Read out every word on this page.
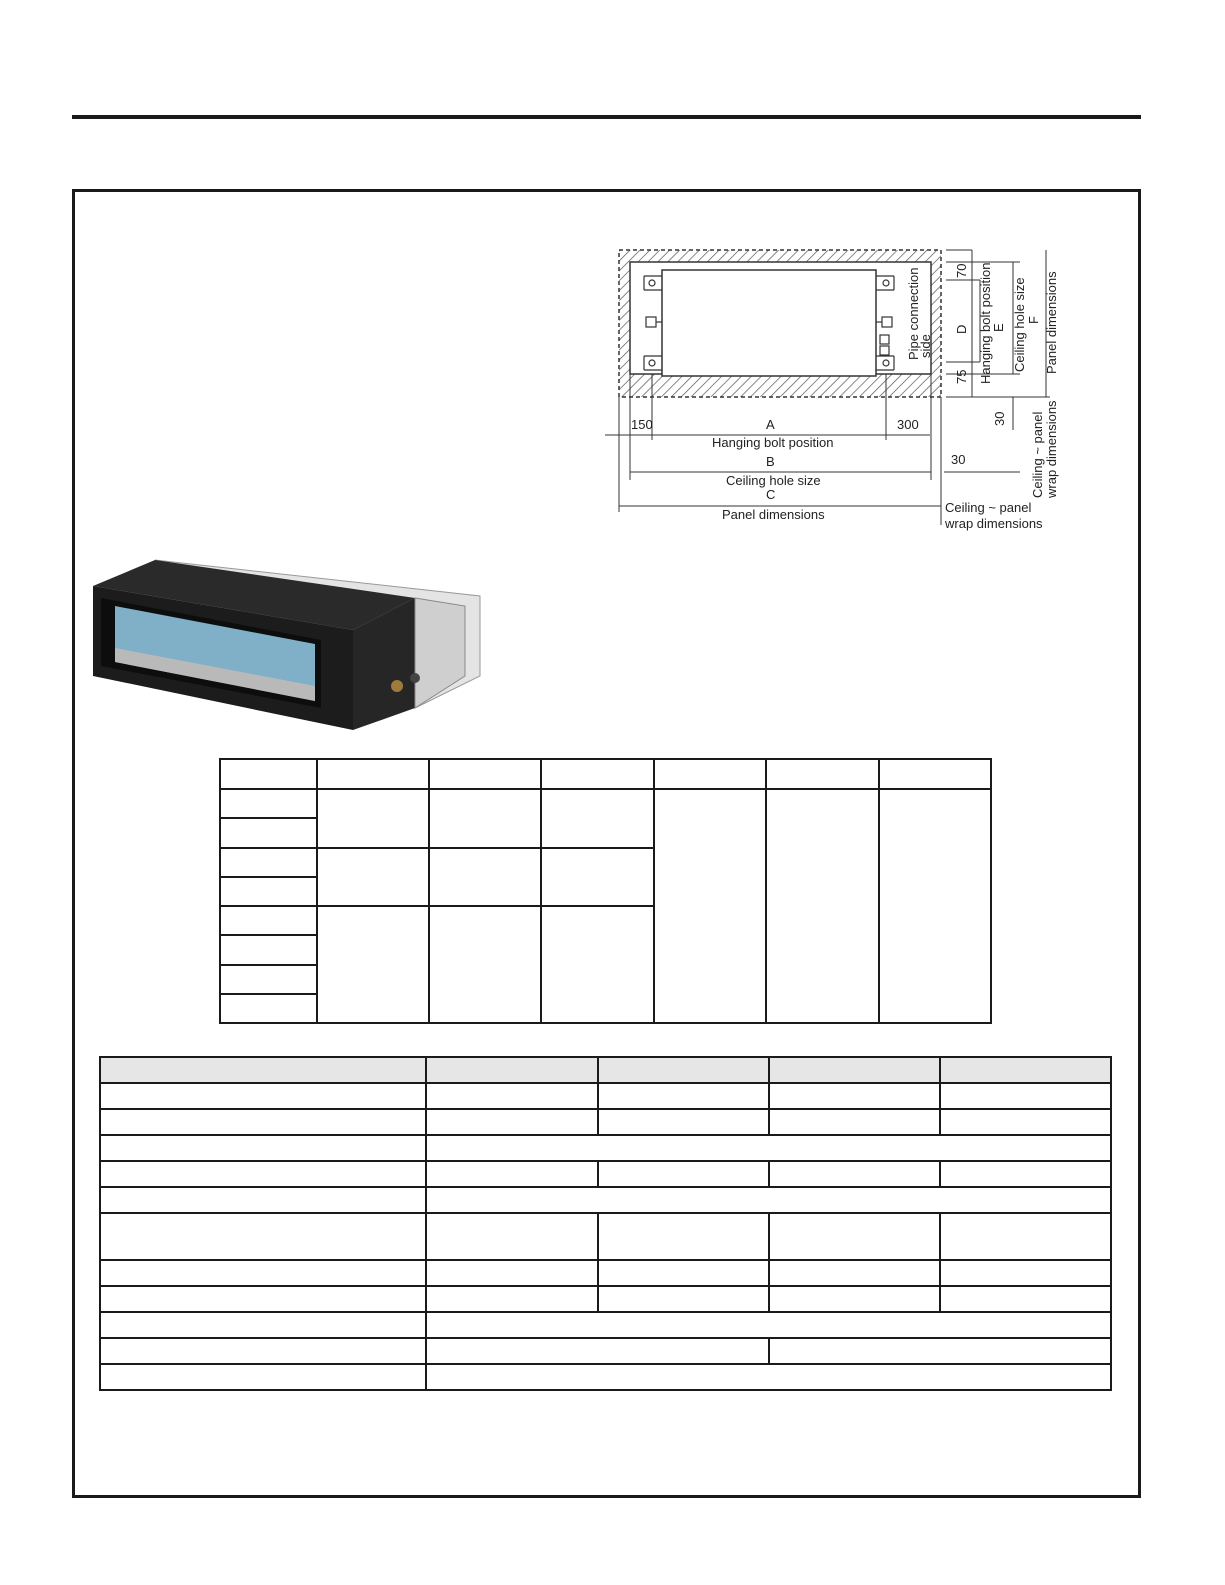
Pipe connection
side
70
D
75 Hanging bolt position
E Ceiling hole size F Panel dimensions
30 Ceiling ~ panel wrap dimensions
150	A	300
Hanging bolt position
B
Ceiling hole size
C
Panel dimensions
30
Ceiling ~ panel
wrap dimensions
